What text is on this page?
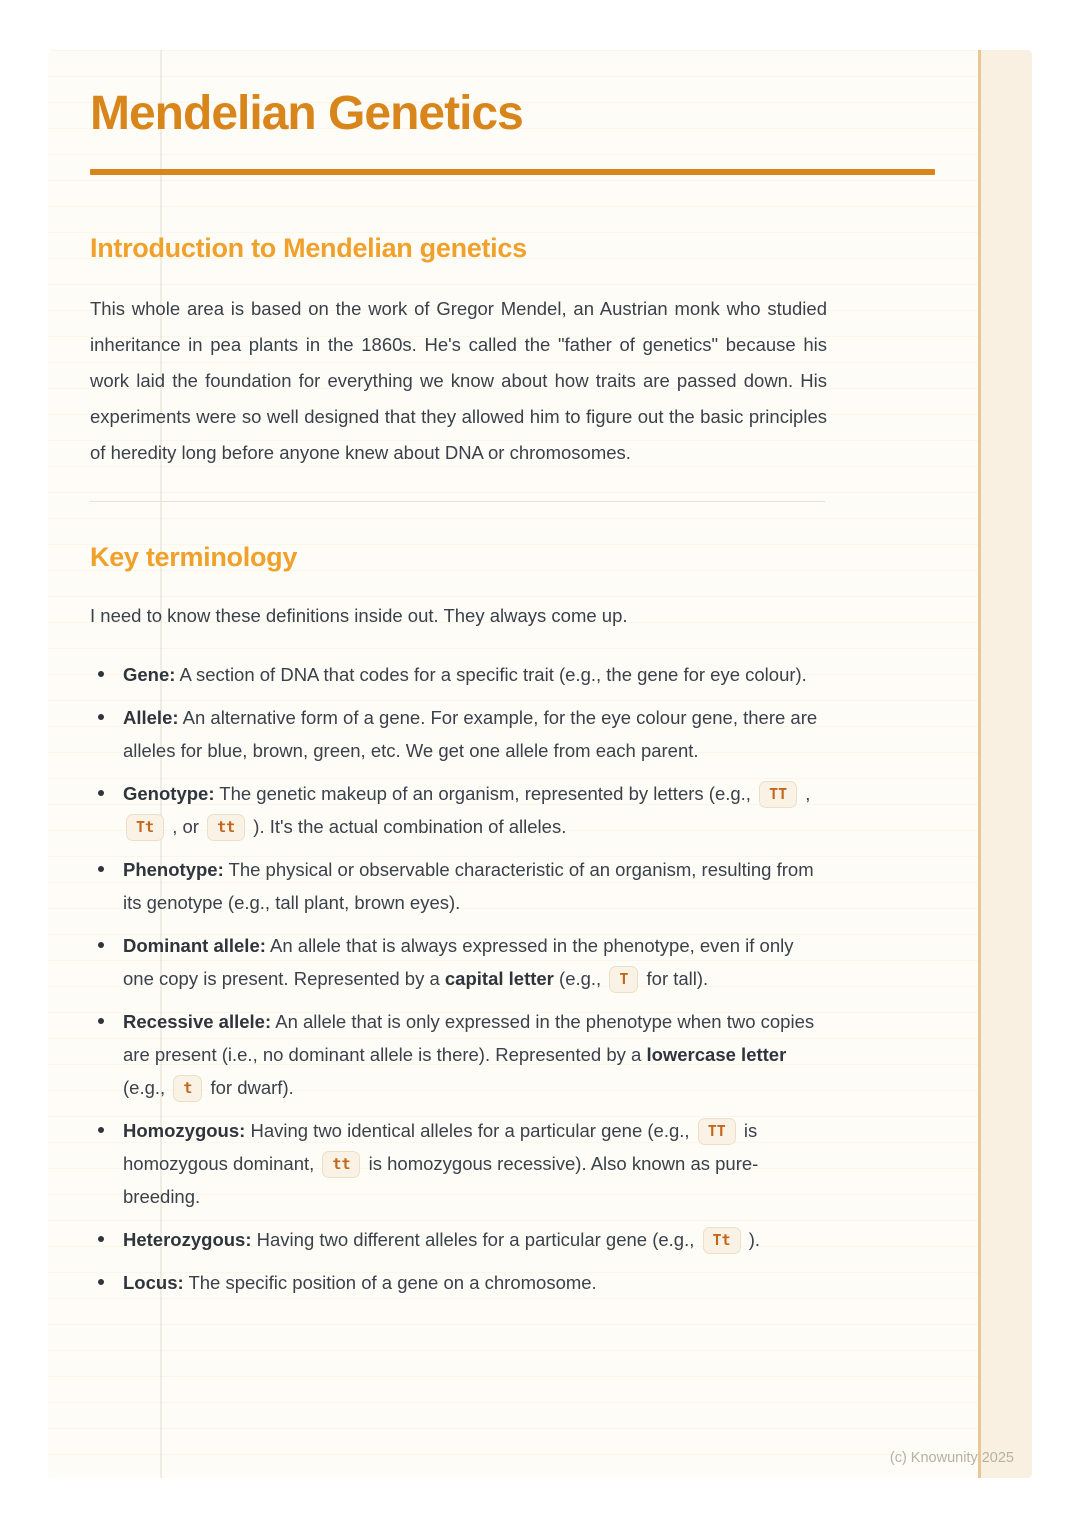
Mendelian Genetics
Introduction to Mendelian genetics

This whole area is based on the work of Gregor Mendel, an Austrian monk who studied inheritance in pea plants in the 1860s. He's called the "father of genetics" because his work laid the foundation for everything we know about how traits are passed down. His experiments were so well designed that they allowed him to figure out the basic principles of heredity long before anyone knew about DNA or chromosomes.

Key terminology

I need to know these definitions inside out. They always come up.

Gene: A section of DNA that codes for a specific trait (e.g., the gene for eye colour).
Allele: An alternative form of a gene. For example, for the eye colour gene, there are alleles for blue, brown, green, etc. We get one allele from each parent.
Genotype: The genetic makeup of an organism, represented by letters (e.g., TT , Tt , or tt ). It's the actual combination of alleles.
Phenotype: The physical or observable characteristic of an organism, resulting from its genotype (e.g., tall plant, brown eyes).
Dominant allele: An allele that is always expressed in the phenotype, even if only one copy is present. Represented by a capital letter (e.g., T for tall).
Recessive allele: An allele that is only expressed in the phenotype when two copies are present (i.e., no dominant allele is there). Represented by a lowercase letter (e.g., t for dwarf).
Homozygous: Having two identical alleles for a particular gene (e.g., TT is homozygous dominant, tt is homozygous recessive). Also known as pure-breeding.
Heterozygous: Having two different alleles for a particular gene (e.g., Tt ).
Locus: The specific position of a gene on a chromosome.
(c) Knowunity 2025
